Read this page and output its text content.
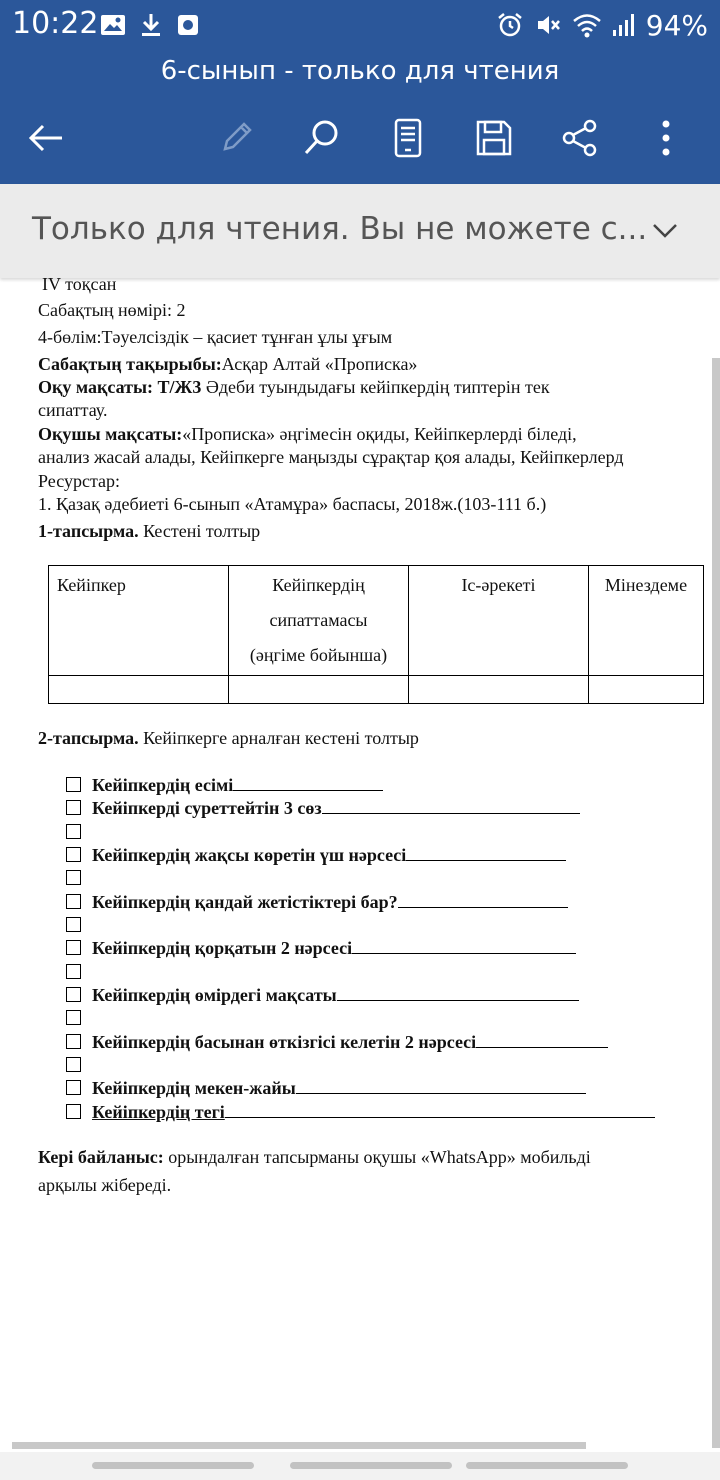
10:22	94%
6-сынып - только для чтения
Только для чтения. Вы не можете с...
IV тоқсан
Сабақтың нөмірі: 2
4-бөлім:Тәуелсіздік – қасиет тұнған ұлы ұғым
Сабақтың тақырыбы:Асқар Алтай «Прописка»
Оқу мақсаты: Т/Ж3 Әдеби туындыдағы кейіпкердің типтерін тек
сипаттау.
Оқушы мақсаты:«Прописка» әңгімесін оқиды, Кейіпкерлерді біледі,
анализ жасай алады, Кейіпкерге маңызды сұрақтар қоя алады, Кейіпкерлерд
Ресурстар:
1. Қазақ әдебиеті 6-сынып «Атамұра» баспасы, 2018ж.(103-111 б.)
1-тапсырма. Кестені толтыр
Кейіпкер	Кейіпкердің
сипаттамасы
(әңгіме бойынша)	Іс-әрекеті	Мінездеме

2-тапсырма. Кейіпкерге арналған кестені толтыр
Кейіпкердің есімі
Кейіпкерді суреттейтін 3 сөз
Кейіпкердің жақсы көретін үш нәрсесі
Кейіпкердің қандай жетістіктері бар?
Кейіпкердің қорқатын 2 нәрсесі
Кейіпкердің өмірдегі мақсаты
Кейіпкердің басынан өткізгісі келетін 2 нәрсесі
Кейіпкердің мекен-жайы
Кейіпкердің тегі
Кері байланыс: орындалған тапсырманы оқушы «WhatsApp» мобильді
арқылы жібереді.
